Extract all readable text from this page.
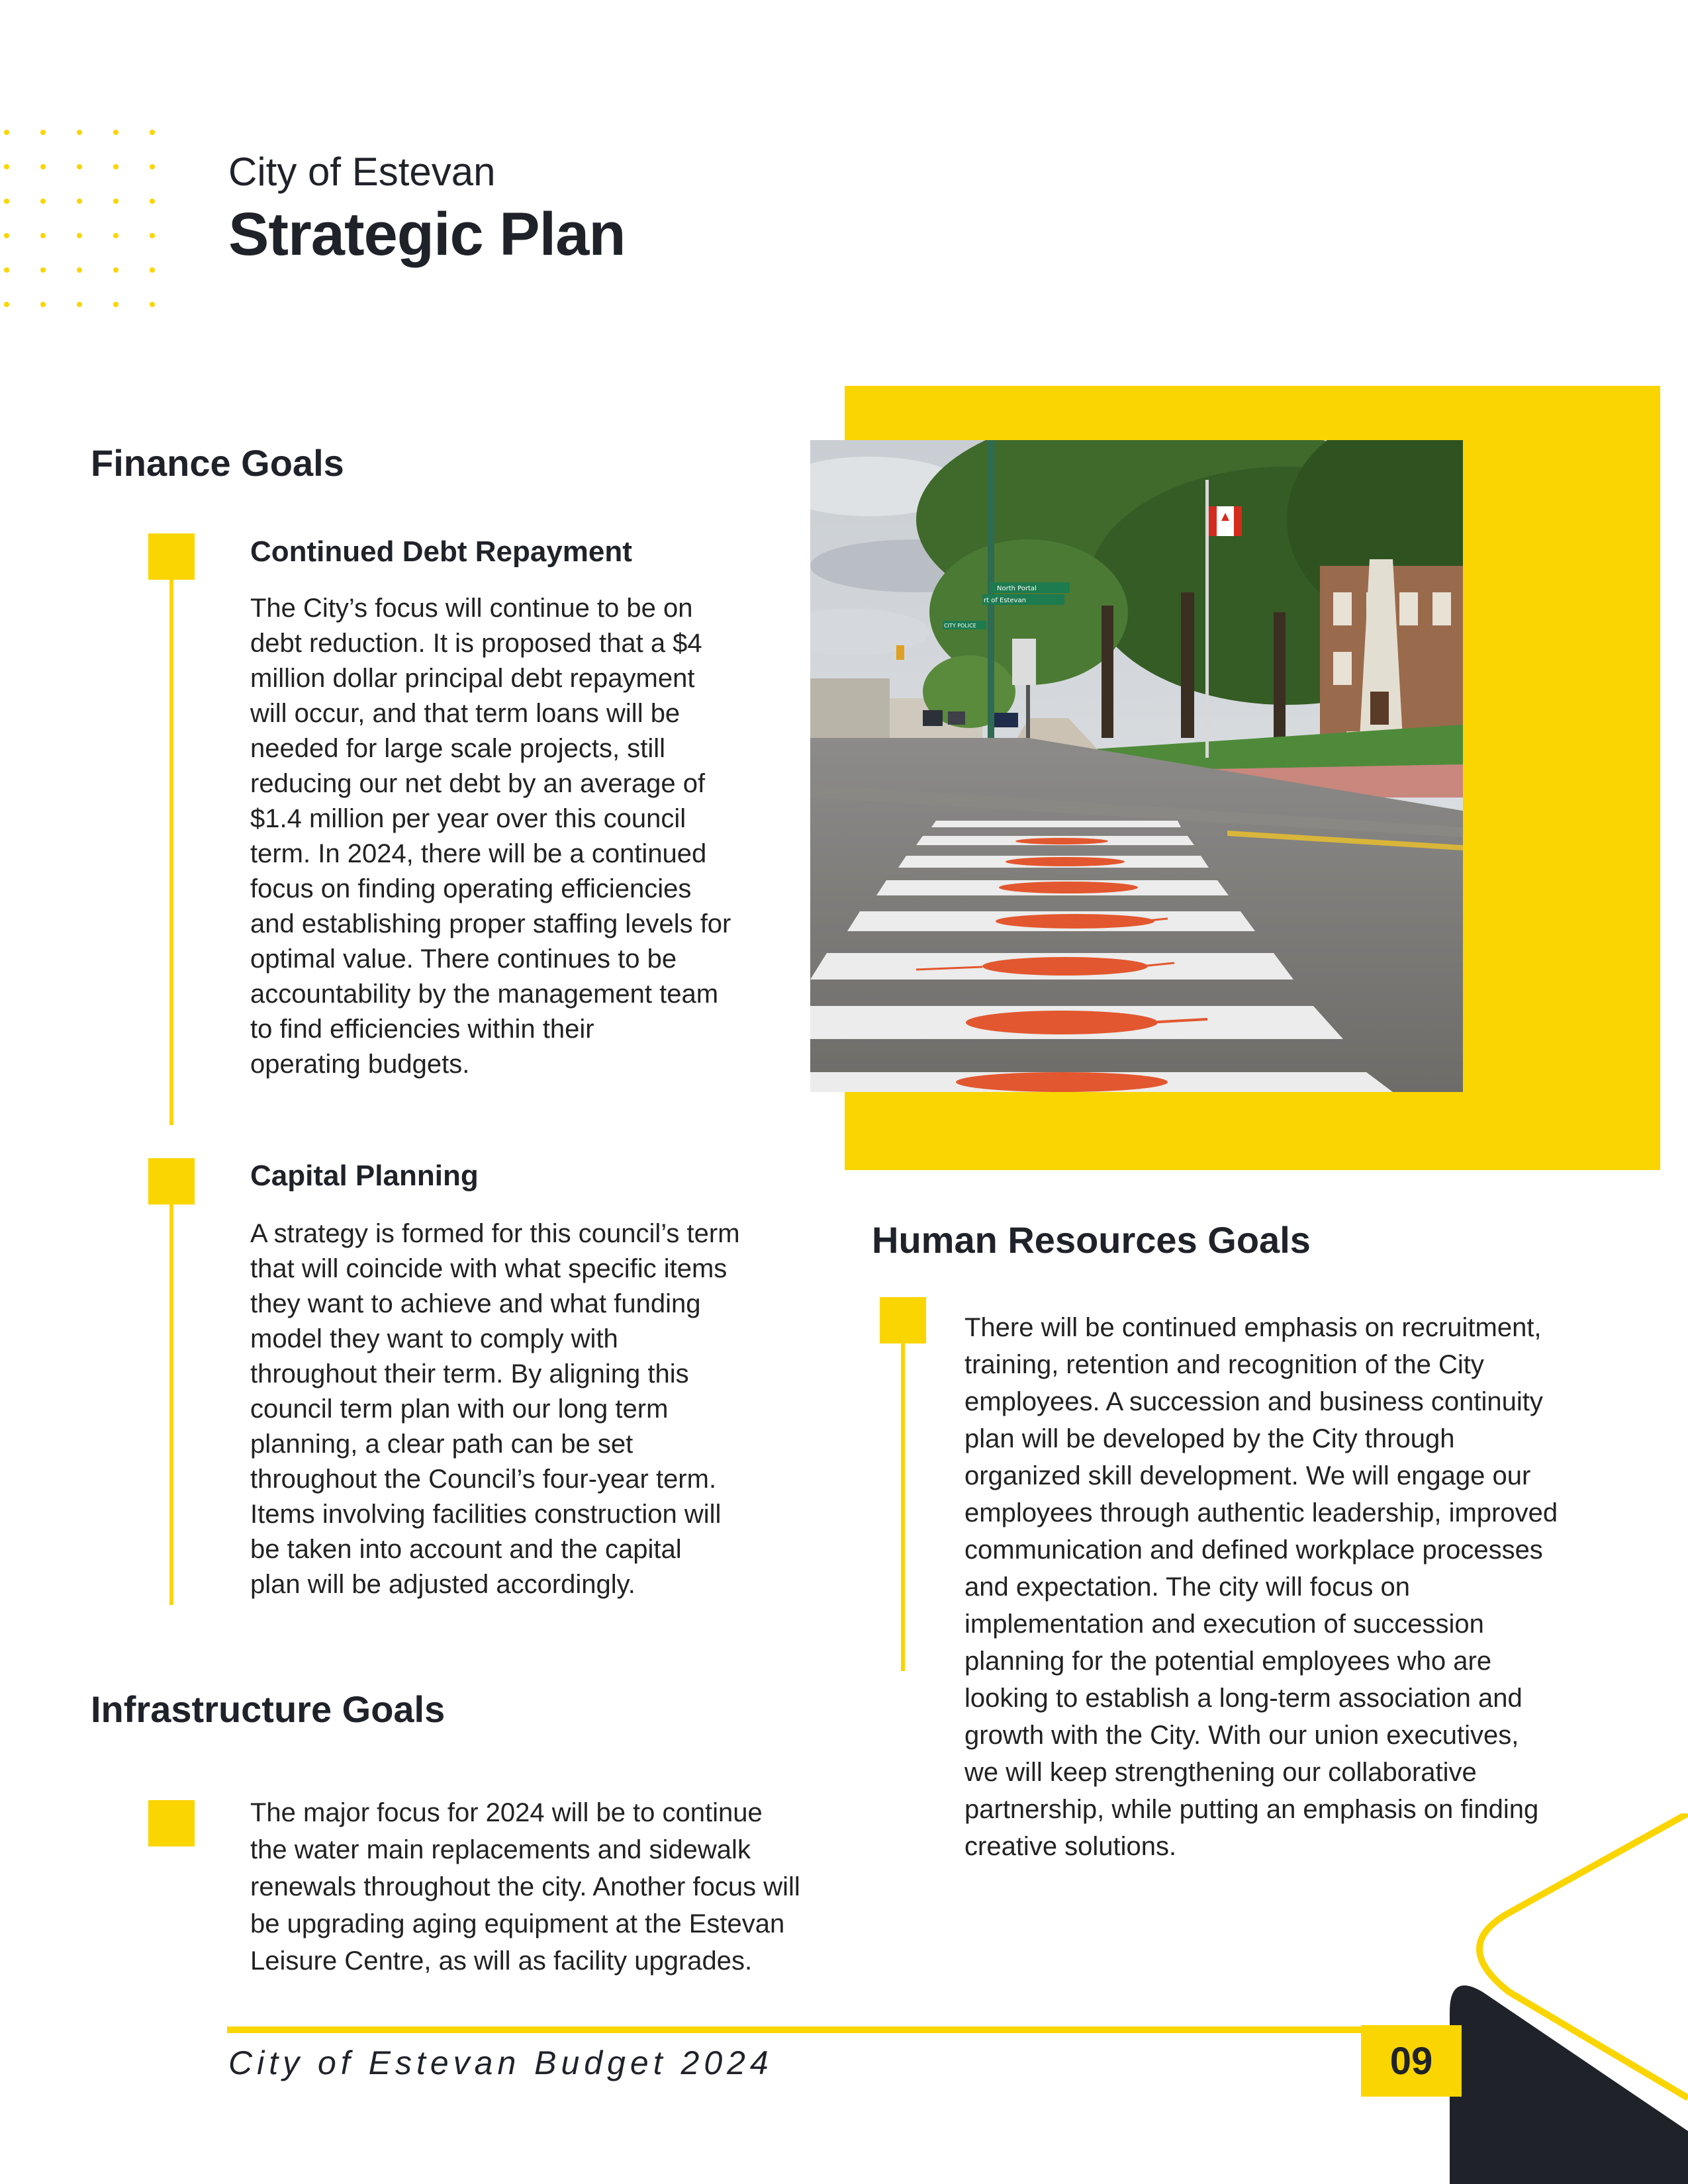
City of Estevan
Strategic Plan
Finance Goals
Continued Debt Repayment
The City’s focus will continue to be on
debt reduction. It is proposed that a $4
million dollar principal debt repayment
will occur, and that term loans will be
needed for large scale projects, still
reducing our net debt by an average of
$1.4 million per year over this council
term. In 2024, there will be a continued
focus on finding operating efficiencies
and establishing proper staffing levels for
optimal value. There continues to be
accountability by the management team
to find efficiencies within their
operating budgets.
Capital Planning
A strategy is formed for this council’s term
that will coincide with what specific items
they want to achieve and what funding
model they want to comply with
throughout their term. By aligning this
council term plan with our long term
planning, a clear path can be set
throughout the Council’s four-year term.
Items involving facilities construction will
be taken into account and the capital
plan will be adjusted accordingly.
Infrastructure Goals
The major focus for 2024 will be to continue
the water main replacements and sidewalk
renewals throughout the city. Another focus will
be upgrading aging equipment at the Estevan
Leisure Centre, as will as facility upgrades.
North Portal
rt of Estevan
CITY POLICE
Human Resources Goals
There will be continued emphasis on recruitment,
training, retention and recognition of the City
employees. A succession and business continuity
plan will be developed by the City through
organized skill development. We will engage our
employees through authentic leadership, improved
communication and defined workplace processes
and expectation. The city will focus on
implementation and execution of succession
planning for the potential employees who are
looking to establish a long-term association and
growth with the City. With our union executives,
we will keep strengthening our collaborative
partnership, while putting an emphasis on finding
creative solutions.
City of Estevan Budget 2024	09
